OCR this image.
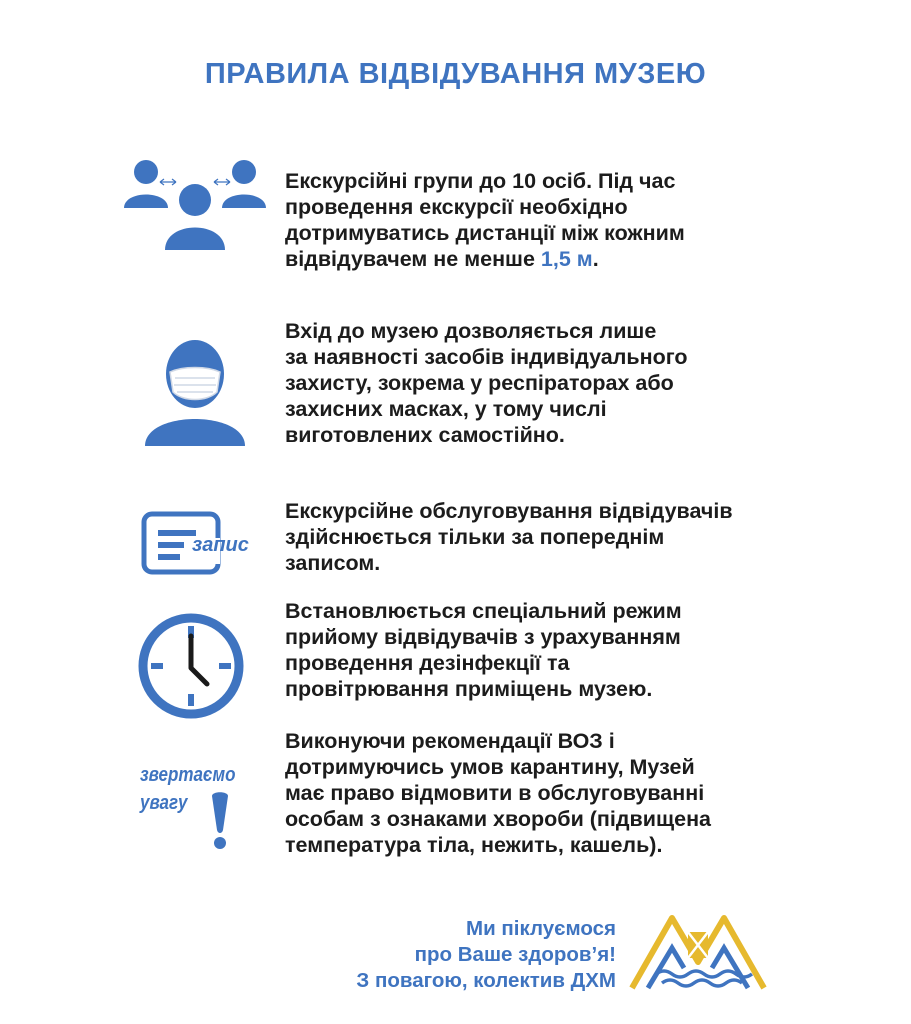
ПРАВИЛА ВІДВІДУВАННЯ МУЗЕЮ
Екскурсійні групи до 10 осіб. Під час
проведення екскурсії необхідно
дотримуватись дистанції між кожним
відвідувачем не менше 1,5 м.
Вхід до музею дозволяється лише
за наявності засобів індивідуального
захисту, зокрема у респіраторах або
захисних масках, у тому числі
виготовлених самостійно.
запис
Екскурсійне обслуговування відвідувачів
здійснюється тільки за попереднім
записом.
Встановлюється спеціальний режим
прийому відвідувачів з урахуванням
проведення дезінфекції та
провітрювання приміщень музею.
звертаємо
увагу
Виконуючи рекомендації ВОЗ і
дотримуючись умов карантину, Музей
має право відмовити в обслуговуванні
особам з ознаками хвороби (підвищена
температура тіла, нежить, кашель).
Ми піклуємося
про Ваше здоров’я!
З повагою, колектив ДХМ
